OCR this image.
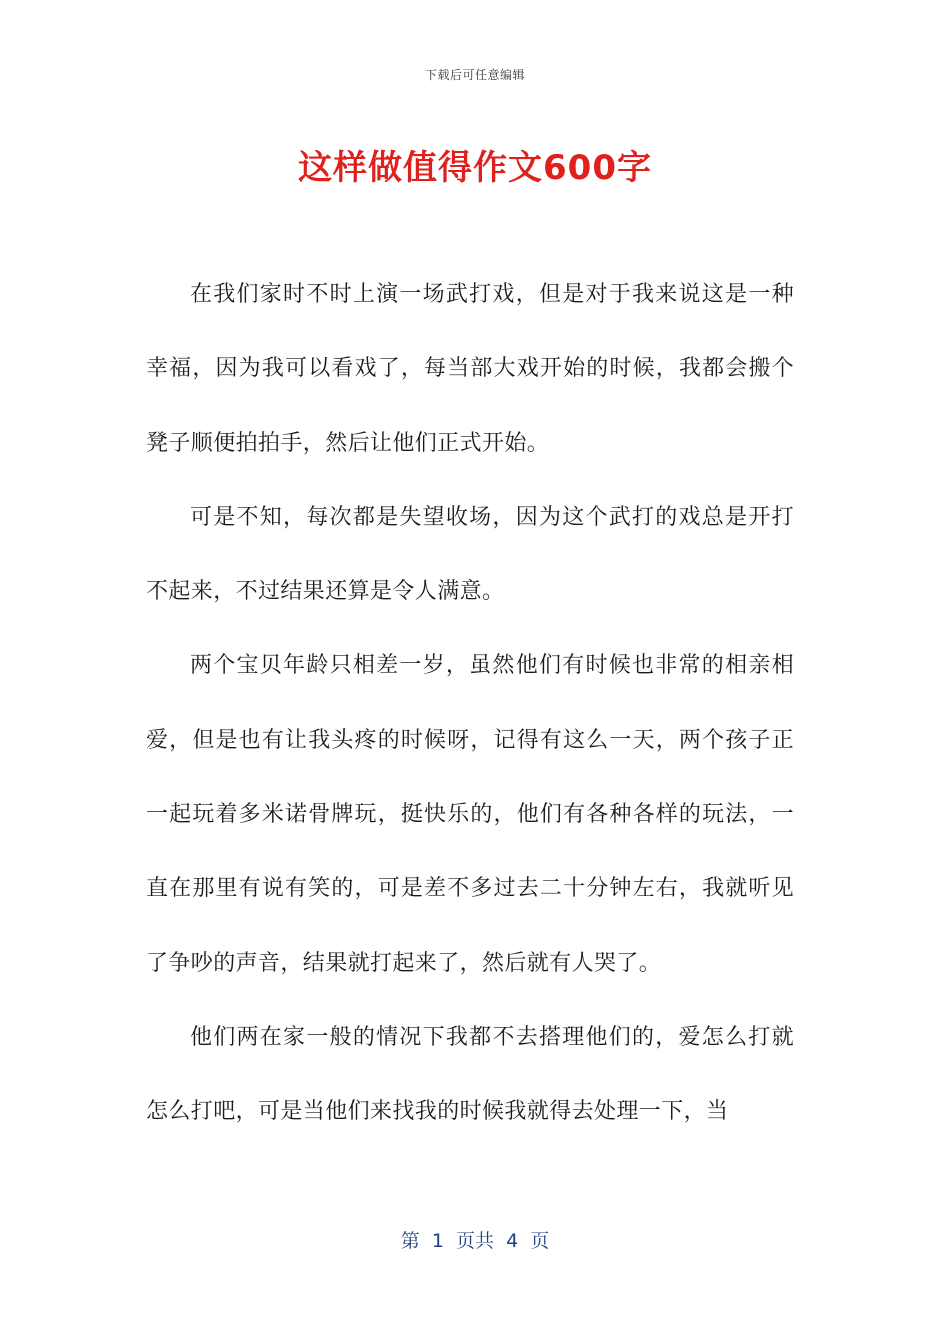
下载后可任意编辑
这样做值得作文600字

在我们家时不时上演一场武打戏，但是对于我来说这是一种幸福，因为我可以看戏了，每当部大戏开始的时候，我都会搬个凳子顺便拍拍手，然后让他们正式开始。

可是不知，每次都是失望收场，因为这个武打的戏总是开打不起来，不过结果还算是令人满意。

两个宝贝年龄只相差一岁，虽然他们有时候也非常的相亲相爱，但是也有让我头疼的时候呀，记得有这么一天，两个孩子正一起玩着多米诺骨牌玩，挺快乐的，他们有各种各样的玩法，一直在那里有说有笑的，可是差不多过去二十分钟左右，我就听见了争吵的声音，结果就打起来了，然后就有人哭了。

他们两在家一般的情况下我都不去搭理他们的，爱怎么打就怎么打吧，可是当他们来找我的时候我就得去处理一下，当

第  1  页共  4  页
